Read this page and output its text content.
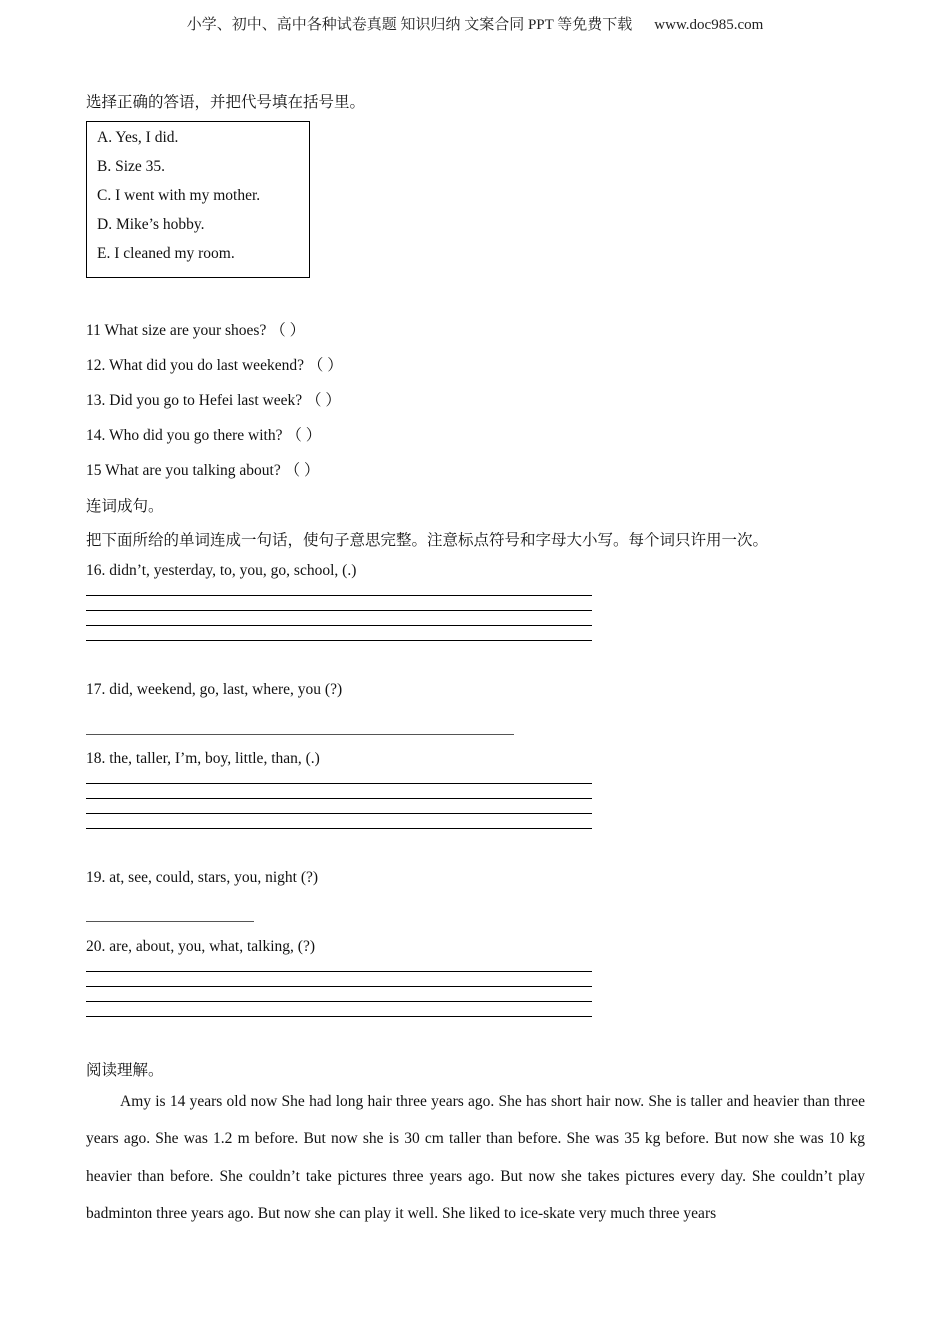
小学、初中、高中各种试卷真题 知识归纳 文案合同 PPT 等免费下载 www.doc985.com
选择正确的答语，并把代号填在括号里。
A. Yes, I did.
B. Size 35.
C. I went with my mother.
D. Mike’s hobby.
E. I cleaned my room.
11 What size are your shoes? （ ）
12. What did you do last weekend? （ ）
13. Did you go to Hefei last week? （ ）
14. Who did you go there with? （ ）
15 What are you talking about? （ ）
连词成句。
把下面所给的单词连成一句话，使句子意思完整。注意标点符号和字母大小写。每个词只许用一次。
16. didn’t, yesterday, to, you, go, school, (.)
17. did, weekend, go, last, where, you (?)
18. the, taller, I’m, boy, little, than, (.)
19. at, see, could, stars, you, night (?)
20. are, about, you, what, talking, (?)
阅读理解。
Amy is 14 years old now She had long hair three years ago. She has short hair now. She is taller and heavier than three years ago. She was 1.2 m before. But now she is 30 cm taller than before. She was 35 kg before. But now she was 10 kg heavier than before. She couldn’t take pictures three years ago. But now she takes pictures every day. She couldn’t play badminton three years ago. But now she can play it well. She liked to ice-skate very much three years
